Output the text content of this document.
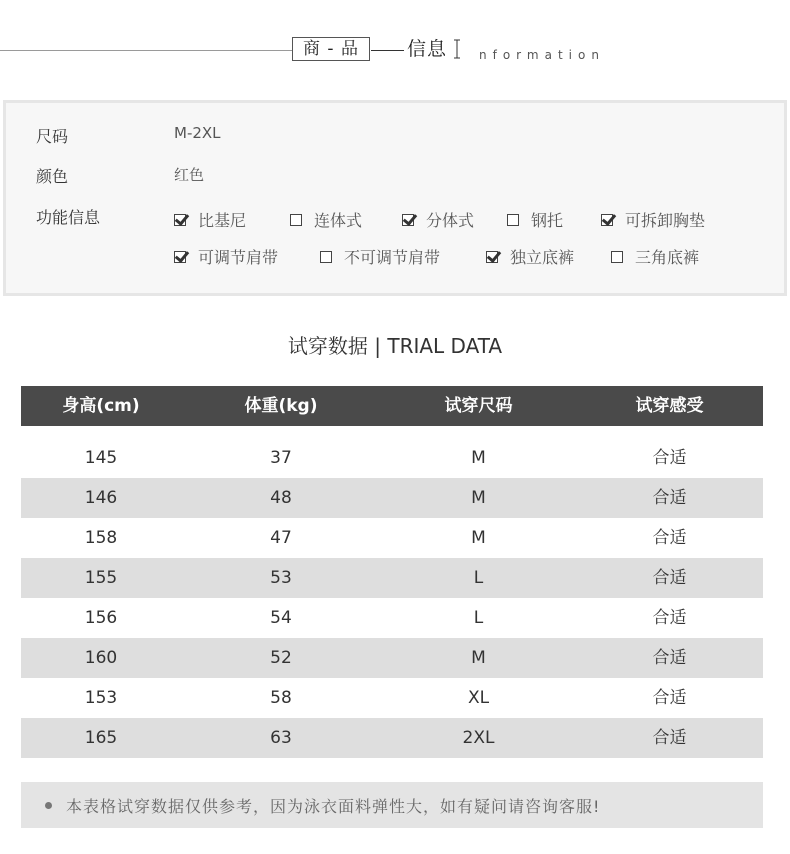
商 - 品	信息	nformation
尺码	M-2XL
颜色	红色
功能信息	比基尼	连体式	分体式	钢托	可拆卸胸垫
可调节肩带	不可调节肩带	独立底裤	三角底裤
试穿数据 | TRIAL DATA
身高(cm)	体重(kg)	试穿尺码	试穿感受
145	37	M	合适
146	48	M	合适
158	47	M	合适
155	53	L	合适
156	54	L	合适
160	52	M	合适
153	58	XL	合适
165	63	2XL	合适
本表格试穿数据仅供参考，因为泳衣面料弹性大，如有疑问请咨询客服!
